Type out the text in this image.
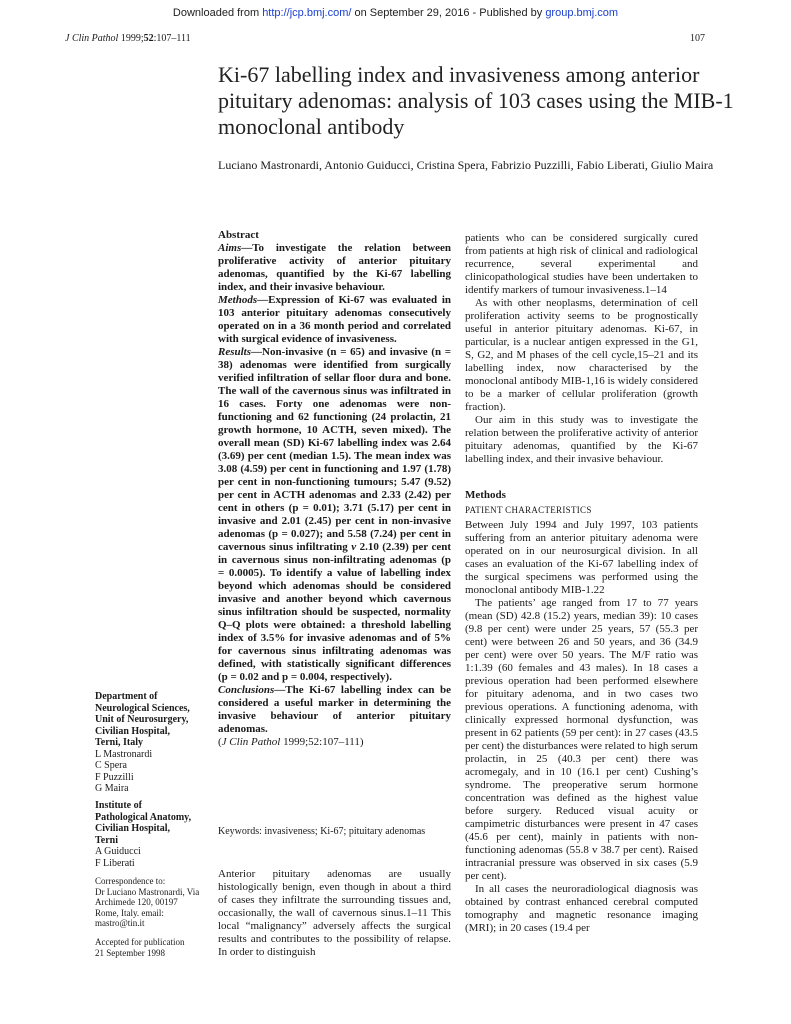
Downloaded from http://jcp.bmj.com/ on September 29, 2016 - Published by group.bmj.com
J Clin Pathol 1999;52:107–111	107
Ki-67 labelling index and invasiveness among anterior pituitary adenomas: analysis of 103 cases using the MIB-1 monoclonal antibody
Luciano Mastronardi, Antonio Guiducci, Cristina Spera, Fabrizio Puzzilli, Fabio Liberati, Giulio Maira
Abstract

Aims—To investigate the relation between proliferative activity of anterior pituitary adenomas, quantified by the Ki-67 labelling index, and their invasive behaviour.

Methods—Expression of Ki-67 was evaluated in 103 anterior pituitary adenomas consecutively operated on in a 36 month period and correlated with surgical evidence of invasiveness.

Results—Non-invasive (n = 65) and invasive (n = 38) adenomas were identified from surgically verified infiltration of sellar floor dura and bone. The wall of the cavernous sinus was infiltrated in 16 cases. Forty one adenomas were non-functioning and 62 functioning (24 prolactin, 21 growth hormone, 10 ACTH, seven mixed). The overall mean (SD) Ki-67 labelling index was 2.64 (3.69) per cent (median 1.5). The mean index was 3.08 (4.59) per cent in functioning and 1.97 (1.78) per cent in non-functioning tumours; 5.47 (9.52) per cent in ACTH adenomas and 2.33 (2.42) per cent in others (p = 0.01); 3.71 (5.17) per cent in invasive and 2.01 (2.45) per cent in non-invasive adenomas (p = 0.027); and 5.58 (7.24) per cent in cavernous sinus infiltrating v 2.10 (2.39) per cent in cavernous sinus non-infiltrating adenomas (p = 0.0005). To identify a value of labelling index beyond which adenomas should be considered invasive and another beyond which cavernous sinus infiltration should be suspected, normality Q–Q plots were obtained: a threshold labelling index of 3.5% for invasive adenomas and of 5% for cavernous sinus infiltrating adenomas was defined, with statistically significant differences (p = 0.02 and p = 0.004, respectively).

Conclusions—The Ki-67 labelling index can be considered a useful marker in determining the invasive behaviour of anterior pituitary adenomas.

(J Clin Pathol 1999;52:107–111)

Keywords: invasiveness; Ki-67; pituitary adenomas

Anterior pituitary adenomas are usually histologically benign, even though in about a third of cases they infiltrate the surrounding tissues and, occasionally, the wall of cavernous sinus.1–11 This local “malignancy” adversely affects the surgical results and contributes to the possibility of relapse. In order to distinguish

patients who can be considered surgically cured from patients at high risk of clinical and radiological recurrence, several experimental and clinicopathological studies have been undertaken to identify markers of tumour invasiveness.1–14

As with other neoplasms, determination of cell proliferation activity seems to be prognostically useful in anterior pituitary adenomas. Ki-67, in particular, is a nuclear antigen expressed in the G1, S, G2, and M phases of the cell cycle,15–21 and its labelling index, now characterised by the monoclonal antibody MIB-1,16 is widely considered to be a marker of cellular proliferation (growth fraction).

Our aim in this study was to investigate the relation between the proliferative activity of anterior pituitary adenomas, quantified by the Ki-67 labelling index, and their invasive behaviour.

Methods
PATIENT CHARACTERISTICS

Between July 1994 and July 1997, 103 patients suffering from an anterior pituitary adenoma were operated on in our neurosurgical division. In all cases an evaluation of the Ki-67 labelling index of the surgical specimens was performed using the monoclonal antibody MIB-1.22

The patients’ age ranged from 17 to 77 years (mean (SD) 42.8 (15.2) years, median 39): 10 cases (9.8 per cent) were under 25 years, 57 (55.3 per cent) were between 26 and 50 years, and 36 (34.9 per cent) were over 50 years. The M/F ratio was 1:1.39 (60 females and 43 males). In 18 cases a previous operation had been performed elsewhere for pituitary adenoma, and in two cases two previous operations. A functioning adenoma, with clinically expressed hormonal dysfunction, was present in 62 patients (59 per cent): in 27 cases (43.5 per cent) the disturbances were related to high serum prolactin, in 25 (40.3 per cent) there was acromegaly, and in 10 (16.1 per cent) Cushing’s syndrome. The preoperative serum hormone concentration was defined as the highest value before surgery. Reduced visual acuity or campimetric disturbances were present in 47 cases (45.6 per cent), mainly in patients with non-functioning adenomas (55.8 v 38.7 per cent). Raised intracranial pressure was observed in six cases (5.9 per cent).

In all cases the neuroradiological diagnosis was obtained by contrast enhanced cerebral computed tomography and magnetic resonance imaging (MRI); in 20 cases (19.4 per

Department of
Neurological Sciences,
Unit of Neurosurgery,
Civilian Hospital,
Terni, Italy
L Mastronardi
C Spera
F Puzzilli
G Maira
Institute of
Pathological Anatomy,
Civilian Hospital,
Terni
A Guiducci
F Liberati
Correspondence to:
Dr Luciano Mastronardi, Via
Archimede 120, 00197
Rome, Italy. email:
mastro@tin.it
Accepted for publication
21 September 1998
